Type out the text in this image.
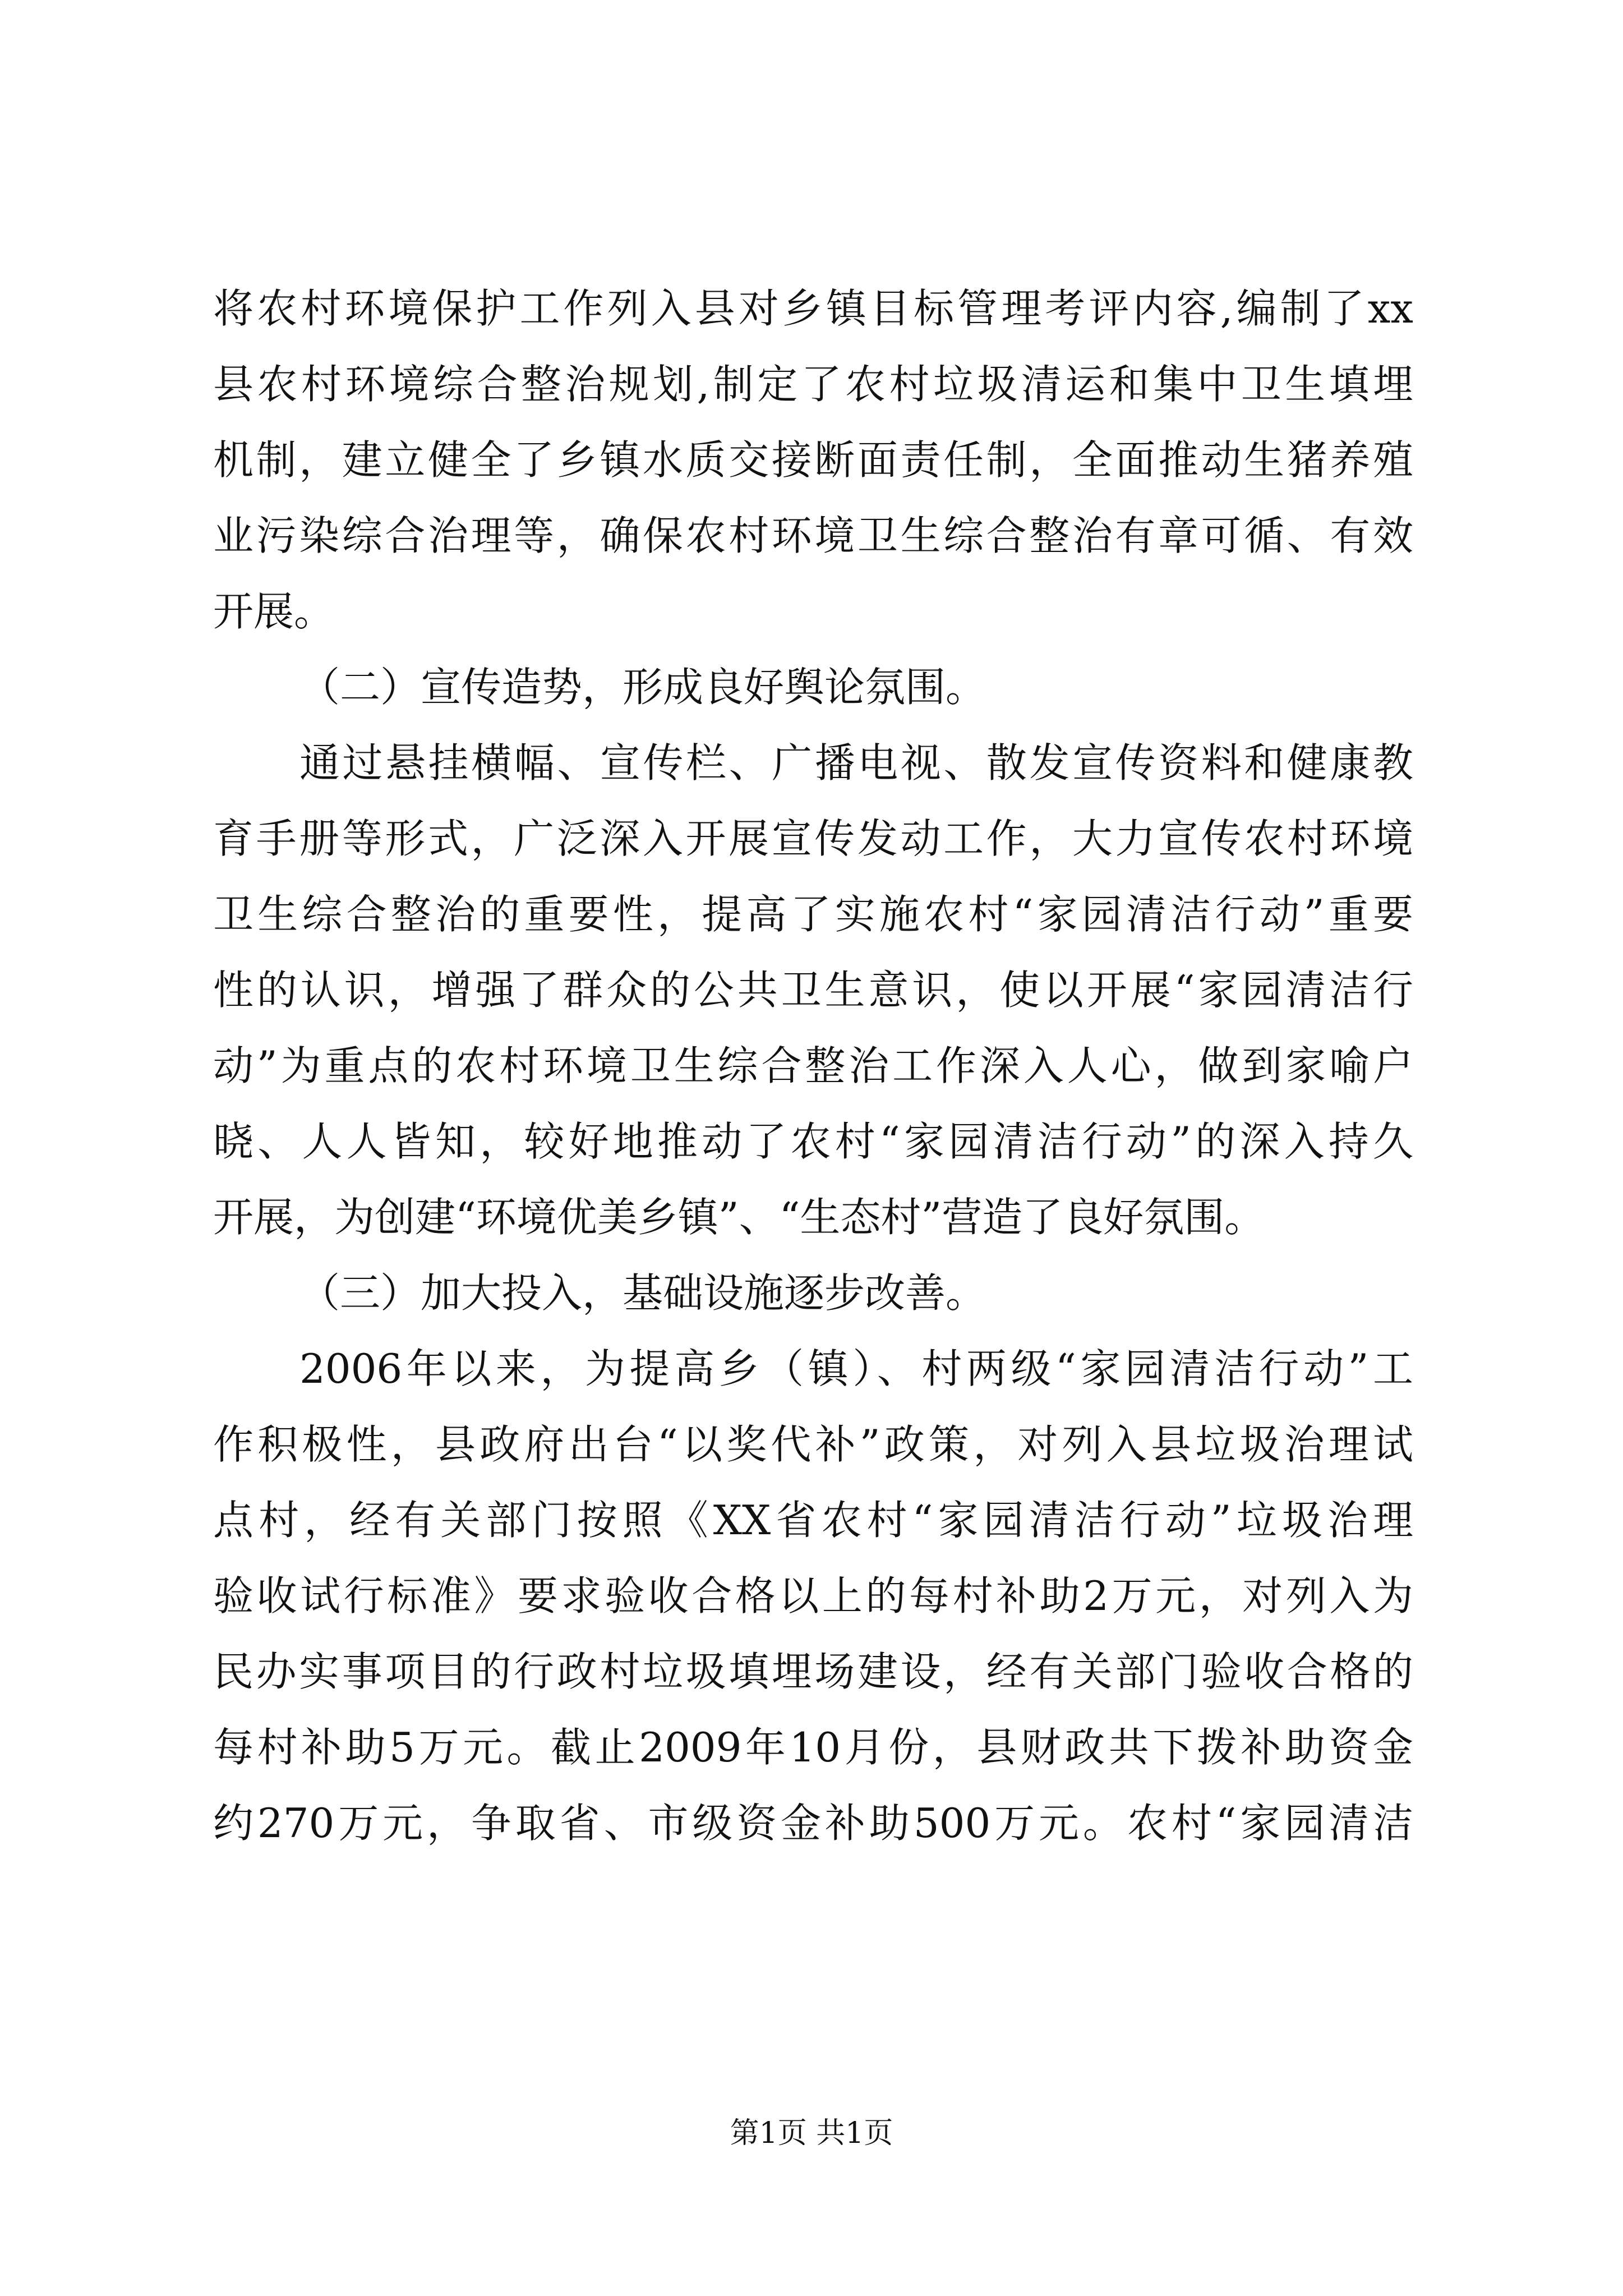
将农村环境保护工作列入县对乡镇目标管理考评内容,编制了xx
县农村环境综合整治规划,制定了农村垃圾清运和集中卫生填埋
机制，建立健全了乡镇水质交接断面责任制，全面推动生猪养殖
业污染综合治理等，确保农村环境卫生综合整治有章可循、有效
开展。
（二）宣传造势，形成良好舆论氛围。
通过悬挂横幅、宣传栏、广播电视、散发宣传资料和健康教
育手册等形式，广泛深入开展宣传发动工作，大力宣传农村环境
卫生综合整治的重要性，提高了实施农村“家园清洁行动”重要
性的认识，增强了群众的公共卫生意识，使以开展“家园清洁行
动”为重点的农村环境卫生综合整治工作深入人心，做到家喻户
晓、人人皆知，较好地推动了农村“家园清洁行动”的深入持久
开展，为创建“环境优美乡镇”、“生态村”营造了良好氛围。
（三）加大投入，基础设施逐步改善。
2006年以来，为提高乡（镇）、村两级“家园清洁行动”工
作积极性，县政府出台“以奖代补”政策，对列入县垃圾治理试
点村，经有关部门按照《XX省农村“家园清洁行动”垃圾治理
验收试行标准》要求验收合格以上的每村补助2万元，对列入为
民办实事项目的行政村垃圾填埋场建设，经有关部门验收合格的
每村补助5万元。截止2009年10月份，县财政共下拨补助资金
约270万元，争取省、市级资金补助500万元。农村“家园清洁
第1页 共1页
